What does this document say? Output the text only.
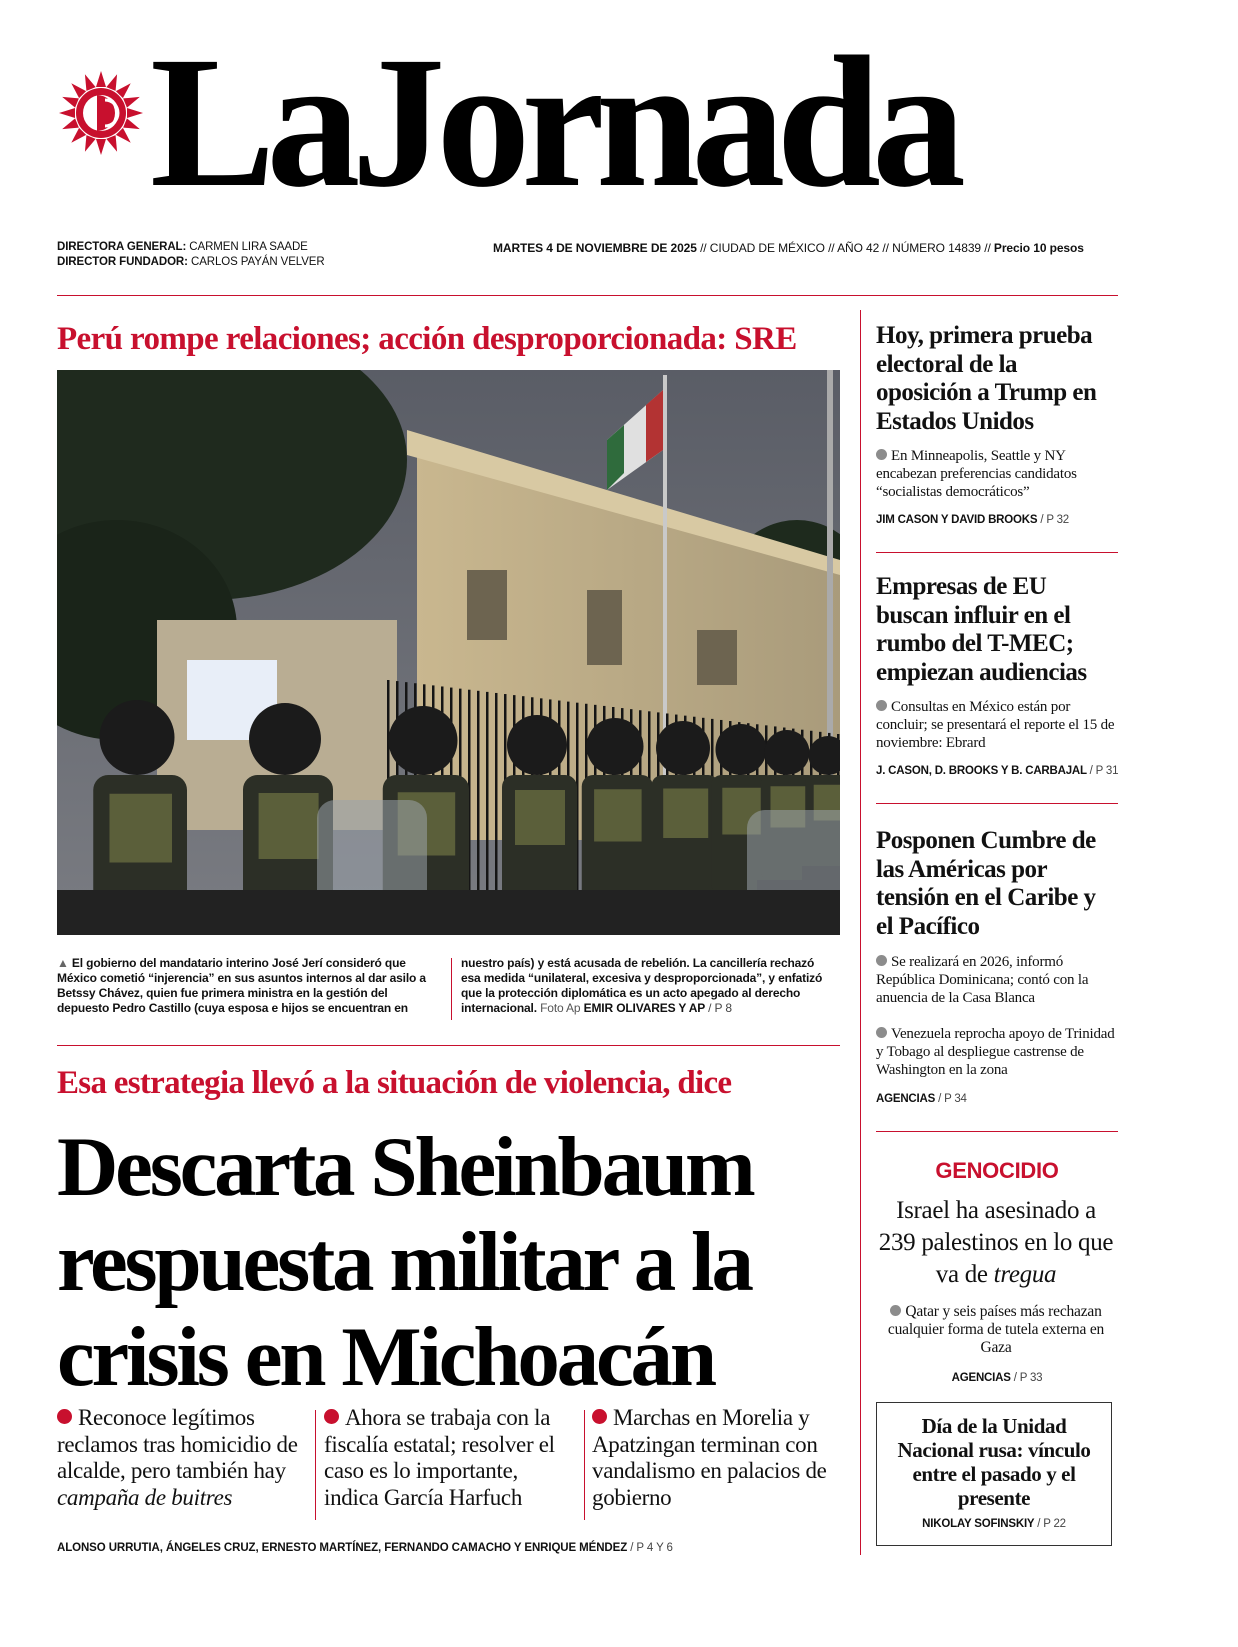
LaJornada
DIRECTORA GENERAL: CARMEN LIRA SAADE
DIRECTOR FUNDADOR: CARLOS PAYÁN VELVER
MARTES 4 DE NOVIEMBRE DE 2025 // CIUDAD DE MÉXICO // AÑO 42 // NÚMERO 14839 // Precio 10 pesos
Perú rompe relaciones; acción desproporcionada: SRE
▲ El gobierno del mandatario interino José Jerí consideró que México cometió “injerencia” en sus asuntos internos al dar asilo a Betssy Chávez, quien fue primera ministra en la gestión del depuesto Pedro Castillo (cuya esposa e hijos se encuentran en
nuestro país) y está acusada de rebelión. La cancillería rechazó esa medida “unilateral, excesiva y desproporcionada”, y enfatizó que la protección diplomática es un acto apegado al derecho internacional. Foto Ap EMIR OLIVARES Y AP / P 8
Esa estrategia llevó a la situación de violencia, dice
Descarta Sheinbaum respuesta militar a la crisis en Michoacán
Reconoce legítimos reclamos tras homicidio de alcalde, pero también hay campaña de buitres
Ahora se trabaja con la fiscalía estatal; resolver el caso es lo importante, indica García Harfuch
Marchas en Morelia y Apatzingan terminan con vandalismo en palacios de gobierno
ALONSO URRUTIA, ÁNGELES CRUZ, ERNESTO MARTÍNEZ, FERNANDO CAMACHO Y ENRIQUE MÉNDEZ / P 4 Y 6
Hoy, primera prueba electoral de la oposición a Trump en Estados Unidos
En Minneapolis, Seattle y NY encabezan preferencias candidatos “socialistas democráticos”
JIM CASON Y DAVID BROOKS / P 32
Empresas de EU buscan influir en el rumbo del T-MEC; empiezan audiencias
Consultas en México están por concluir; se presentará el reporte el 15 de noviembre: Ebrard
J. CASON, D. BROOKS Y B. CARBAJAL / P 31
Posponen Cumbre de las Américas por tensión en el Caribe y el Pacífico
Se realizará en 2026, informó República Dominicana; contó con la anuencia de la Casa Blanca
Venezuela reprocha apoyo de Trinidad y Tobago al despliegue castrense de Washington en la zona
AGENCIAS / P 34
GENOCIDIO
Israel ha asesinado a 239 palestinos en lo que va de tregua
Qatar y seis países más rechazan cualquier forma de tutela externa en Gaza
AGENCIAS / P 33
Día de la Unidad Nacional rusa: vínculo entre el pasado y el presente
NIKOLAY SOFINSKIY / P 22
